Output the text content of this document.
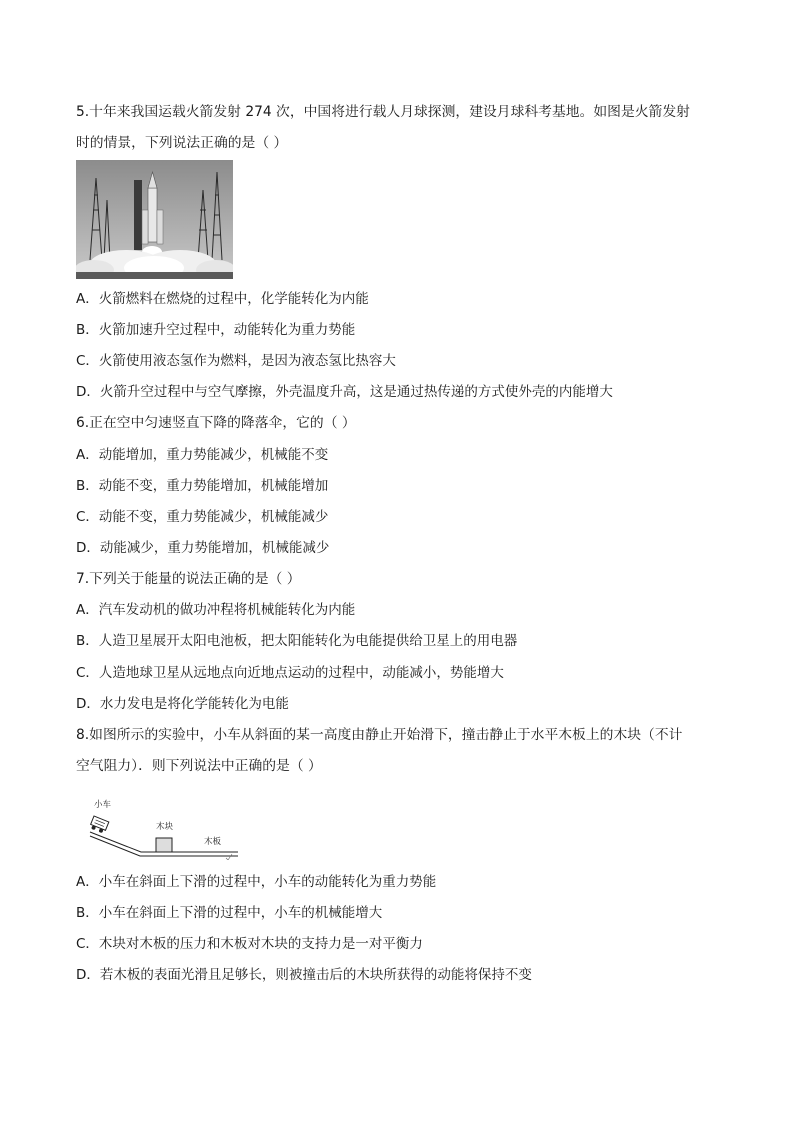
5.十年来我国运载火箭发射 274 次，中国将进行载人月球探测，建设月球科考基地。如图是火箭发射
时的情景，下列说法正确的是（ ）
A．火箭燃料在燃烧的过程中，化学能转化为内能
B．火箭加速升空过程中，动能转化为重力势能
C．火箭使用液态氢作为燃料，是因为液态氢比热容大
D．火箭升空过程中与空气摩擦，外壳温度升高，这是通过热传递的方式使外壳的内能增大
6.正在空中匀速竖直下降的降落伞，它的（ ）
A．动能增加，重力势能减少，机械能不变
B．动能不变，重力势能增加，机械能增加
C．动能不变，重力势能减少，机械能减少
D．动能减少，重力势能增加，机械能减少
7.下列关于能量的说法正确的是（ ）
A．汽车发动机的做功冲程将机械能转化为内能
B．人造卫星展开太阳电池板，把太阳能转化为电能提供给卫星上的用电器
C．人造地球卫星从远地点向近地点运动的过程中，动能减小，势能增大
D．水力发电是将化学能转化为电能
8.如图所示的实验中，小车从斜面的某一高度由静止开始滑下，撞击静止于水平木板上的木块（不计
空气阻力）．则下列说法中正确的是（ ）
小车
木块
木板
A．小车在斜面上下滑的过程中，小车的动能转化为重力势能
B．小车在斜面上下滑的过程中，小车的机械能增大
C．木块对木板的压力和木板对木块的支持力是一对平衡力
D．若木板的表面光滑且足够长，则被撞击后的木块所获得的动能将保持不变
